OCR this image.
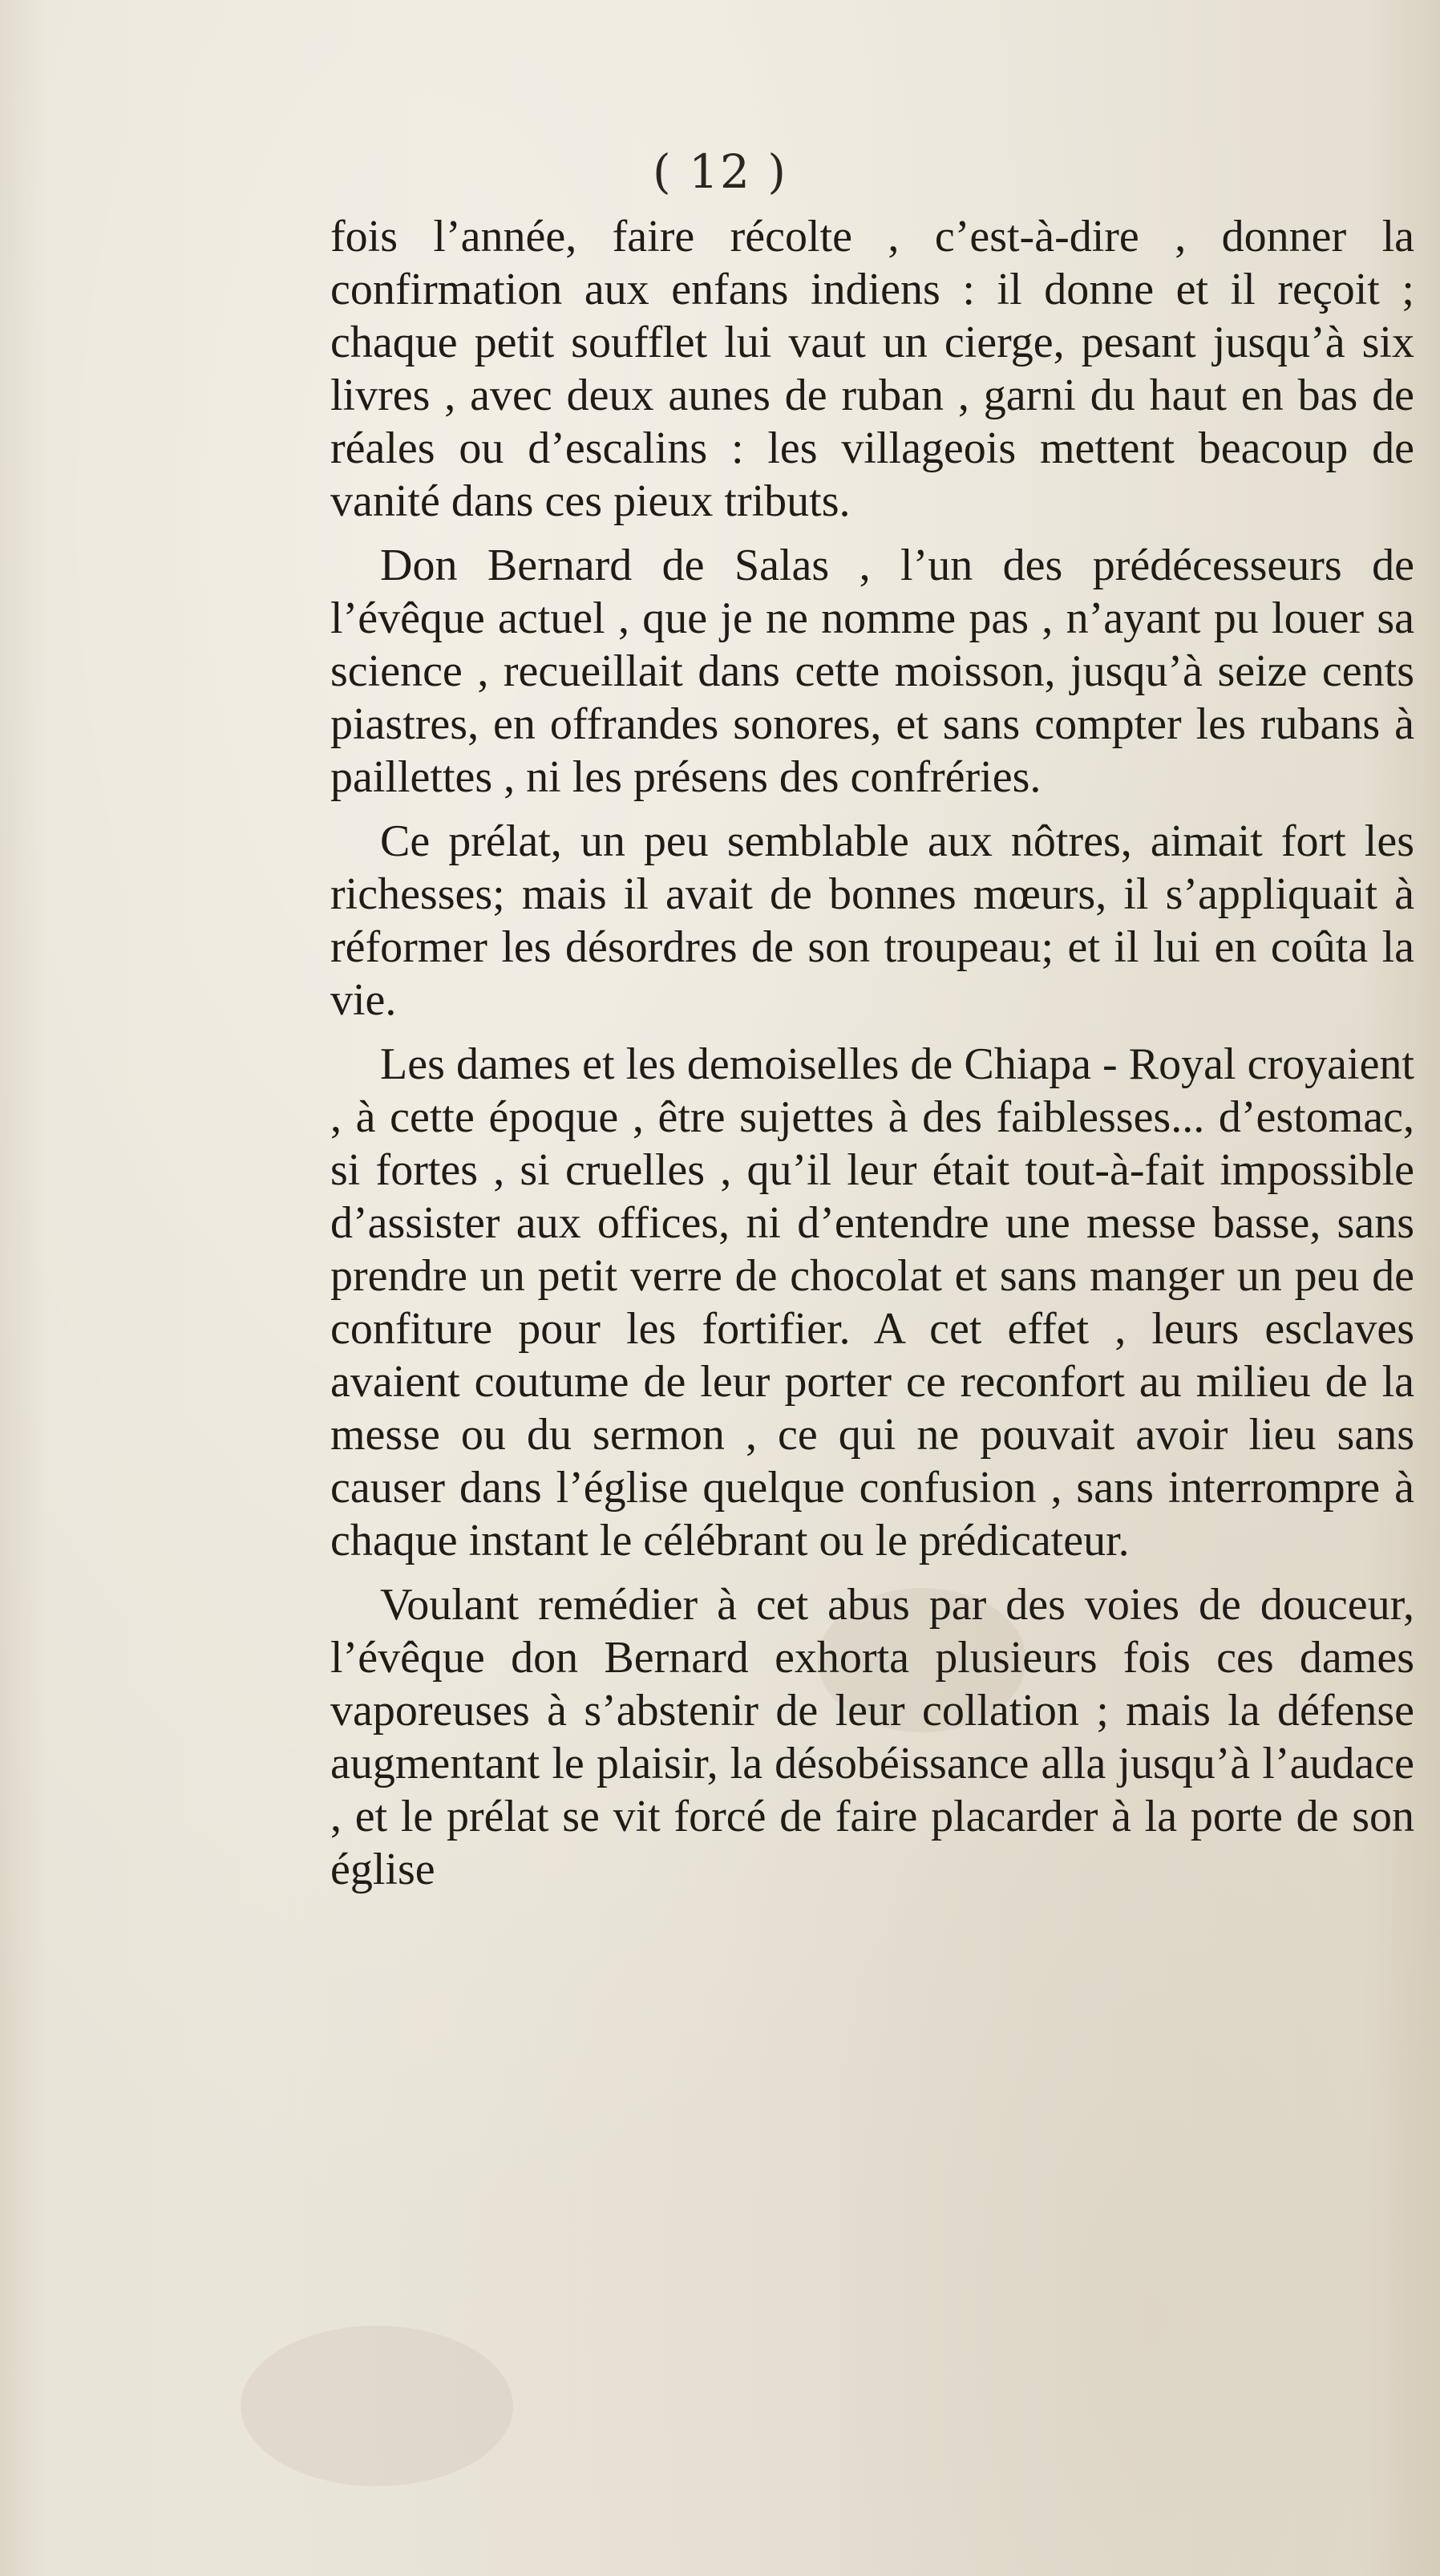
( 12 )

fois l’année, faire récolte , c’est-à-dire , donner la confirmation aux enfans indiens : il donne et il reçoit ; chaque petit soufflet lui vaut un cierge, pesant jusqu’à six livres , avec deux aunes de ruban , garni du haut en bas de réales ou d’escalins : les villageois mettent beacoup de vanité dans ces pieux tributs.

Don Bernard de Salas , l’un des prédécesseurs de l’évêque actuel , que je ne nomme pas , n’ayant pu louer sa science , recueillait dans cette moisson, jusqu’à seize cents piastres, en offrandes sonores, et sans compter les rubans à paillettes , ni les présens des confréries.

Ce prélat, un peu semblable aux nôtres, aimait fort les richesses; mais il avait de bonnes mœurs, il s’appliquait à réformer les désordres de son troupeau; et il lui en coûta la vie.

Les dames et les demoiselles de Chiapa - Royal croyaient , à cette époque , être sujettes à des faiblesses... d’estomac, si fortes , si cruelles , qu’il leur était tout-à-fait impossible d’assister aux offices, ni d’entendre une messe basse, sans prendre un petit verre de chocolat et sans manger un peu de confiture pour les fortifier. A cet effet , leurs esclaves avaient coutume de leur porter ce reconfort au milieu de la messe ou du sermon , ce qui ne pouvait avoir lieu sans causer dans l’église quelque confusion , sans interrompre à chaque instant le célébrant ou le prédicateur.

Voulant remédier à cet abus par des voies de douceur, l’évêque don Bernard exhorta plusieurs fois ces dames vaporeuses à s’abstenir de leur collation ; mais la défense augmentant le plaisir, la désobéissance alla jusqu’à l’audace , et le prélat se vit forcé de faire placarder à la porte de son église
